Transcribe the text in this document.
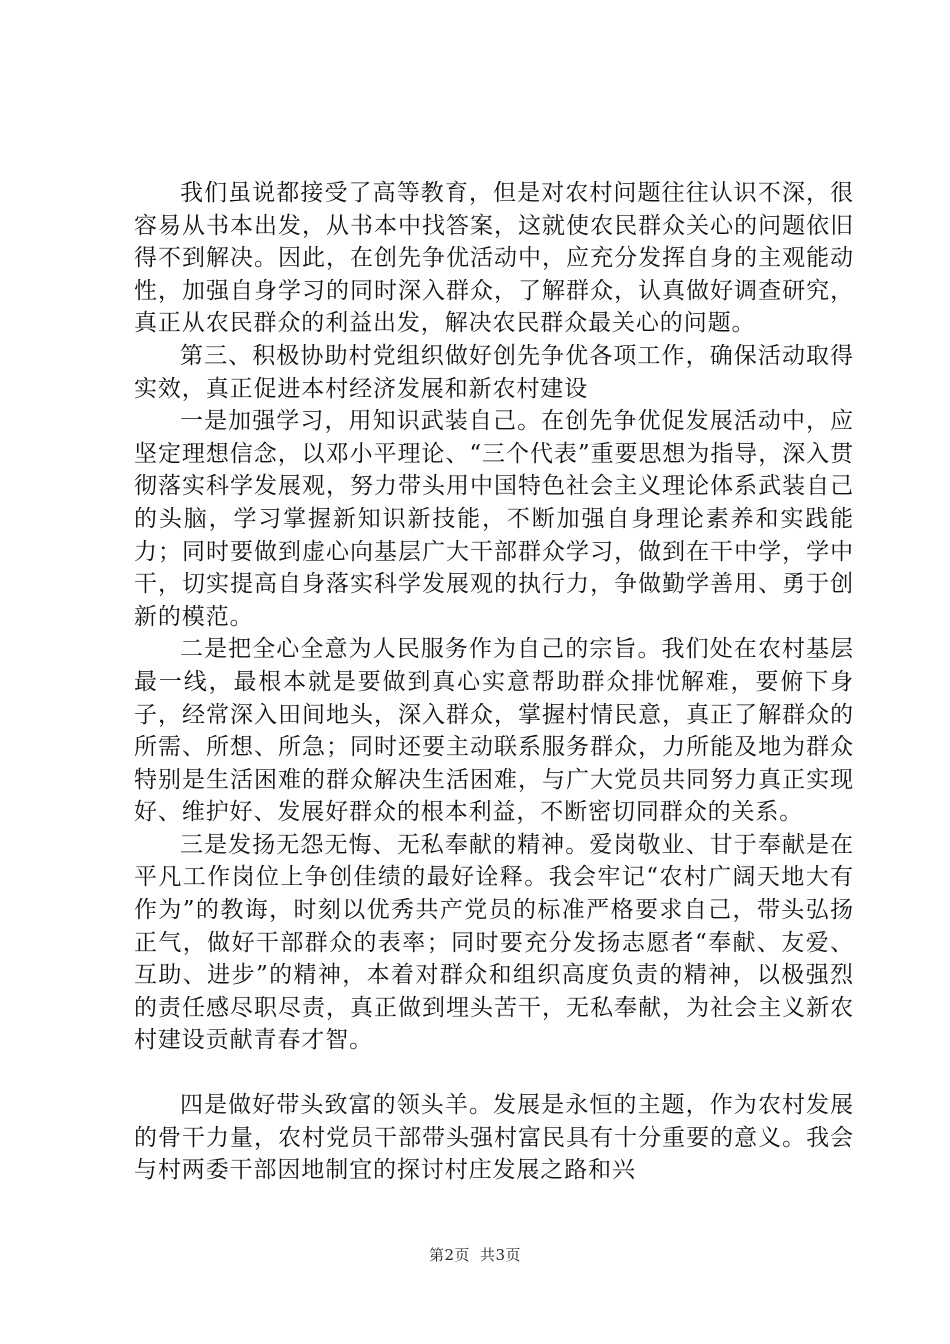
我们虽说都接受了高等教育，但是对农村问题往往认识不深，很容易从书本出发，从书本中找答案，这就使农民群众关心的问题依旧得不到解决。因此，在创先争优活动中，应充分发挥自身的主观能动性，加强自身学习的同时深入群众，了解群众，认真做好调查研究，真正从农民群众的利益出发，解决农民群众最关心的问题。

第三、积极协助村党组织做好创先争优各项工作，确保活动取得实效，真正促进本村经济发展和新农村建设

一是加强学习，用知识武装自己。在创先争优促发展活动中，应坚定理想信念，以邓小平理论、“三个代表”重要思想为指导，深入贯彻落实科学发展观，努力带头用中国特色社会主义理论体系武装自己的头脑，学习掌握新知识新技能，不断加强自身理论素养和实践能力；同时要做到虚心向基层广大干部群众学习，做到在干中学，学中干，切实提高自身落实科学发展观的执行力，争做勤学善用、勇于创新的模范。

二是把全心全意为人民服务作为自己的宗旨。我们处在农村基层最一线，最根本就是要做到真心实意帮助群众排忧解难，要俯下身子，经常深入田间地头，深入群众，掌握村情民意，真正了解群众的所需、所想、所急；同时还要主动联系服务群众，力所能及地为群众特别是生活困难的群众解决生活困难，与广大党员共同努力真正实现好、维护好、发展好群众的根本利益，不断密切同群众的关系。

三是发扬无怨无悔、无私奉献的精神。爱岗敬业、甘于奉献是在平凡工作岗位上争创佳绩的最好诠释。我会牢记“农村广阔天地大有作为”的教诲，时刻以优秀共产党员的标准严格要求自己，带头弘扬正气，做好干部群众的表率；同时要充分发扬志愿者“奉献、友爱、互助、进步”的精神，本着对群众和组织高度负责的精神，以极强烈的责任感尽职尽责，真正做到埋头苦干，无私奉献，为社会主义新农村建设贡献青春才智。

四是做好带头致富的领头羊。发展是永恒的主题，作为农村发展的骨干力量，农村党员干部带头强村富民具有十分重要的意义。我会与村两委干部因地制宜的探讨村庄发展之路和兴

第2页 共3页
